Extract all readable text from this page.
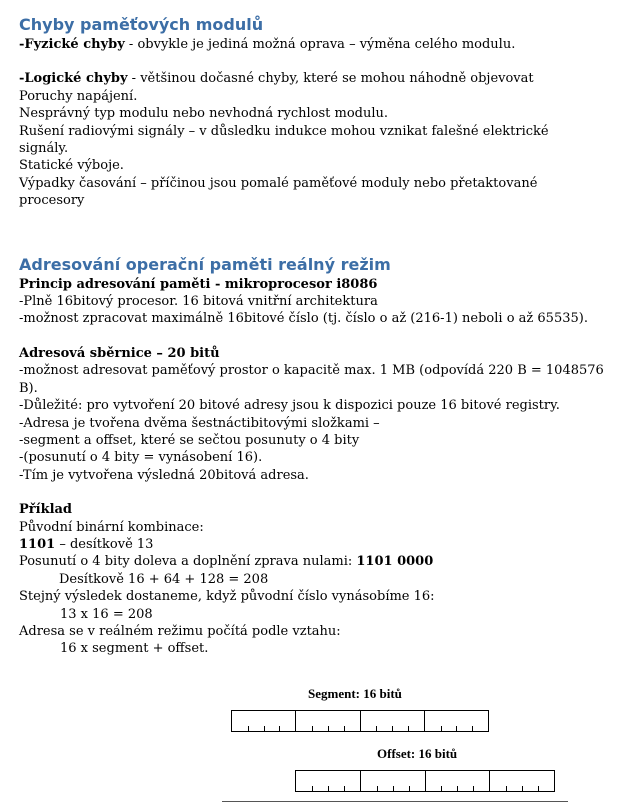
Chyby paměťových modulů
-Fyzické chyby - obvykle je jediná možná oprava – výměna celého modulu.
-Logické chyby - většinou dočasné chyby, které se mohou náhodně objevovat
Poruchy napájení.
Nesprávný typ modulu nebo nevhodná rychlost modulu.
Rušení radiovými signály – v důsledku indukce mohou vznikat falešné elektrické
signály.
Statické výboje.
Výpadky časování – příčinou jsou pomalé paměťové moduly nebo přetaktované
procesory
Adresování operační paměti reálný režim
Princip adresování paměti - mikroprocesor i8086
-Plně 16bitový procesor. 16 bitová vnitřní architektura
-možnost zpracovat maximálně 16bitové číslo (tj. číslo o až (216-1) neboli o až 65535).
Adresová sběrnice – 20 bitů
-možnost adresovat paměťový prostor o kapacitě max. 1 MB (odpovídá 220 B = 1048576
B).
-Důležité: pro vytvoření 20 bitové adresy jsou k dispozici pouze 16 bitové registry.
-Adresa je tvořena dvěma šestnáctibitovými složkami –
-segment a offset, které se sečtou posunuty o 4 bity
-(posunutí o 4 bity = vynásobení 16).
-Tím je vytvořena výsledná 20bitová adresa.
Příklad
Původní binární kombinace:
1101 – desítkově 13
Posunutí o 4 bity doleva a doplnění zprava nulami: 1101 0000
Desítkově 16 + 64 + 128 = 208
Stejný výsledek dostaneme, když původní číslo vynásobíme 16:
13 x 16 = 208
Adresa se v reálném režimu počítá podle vztahu:
16 x segment + offset.
Segment: 16 bitů
Offset: 16 bitů
